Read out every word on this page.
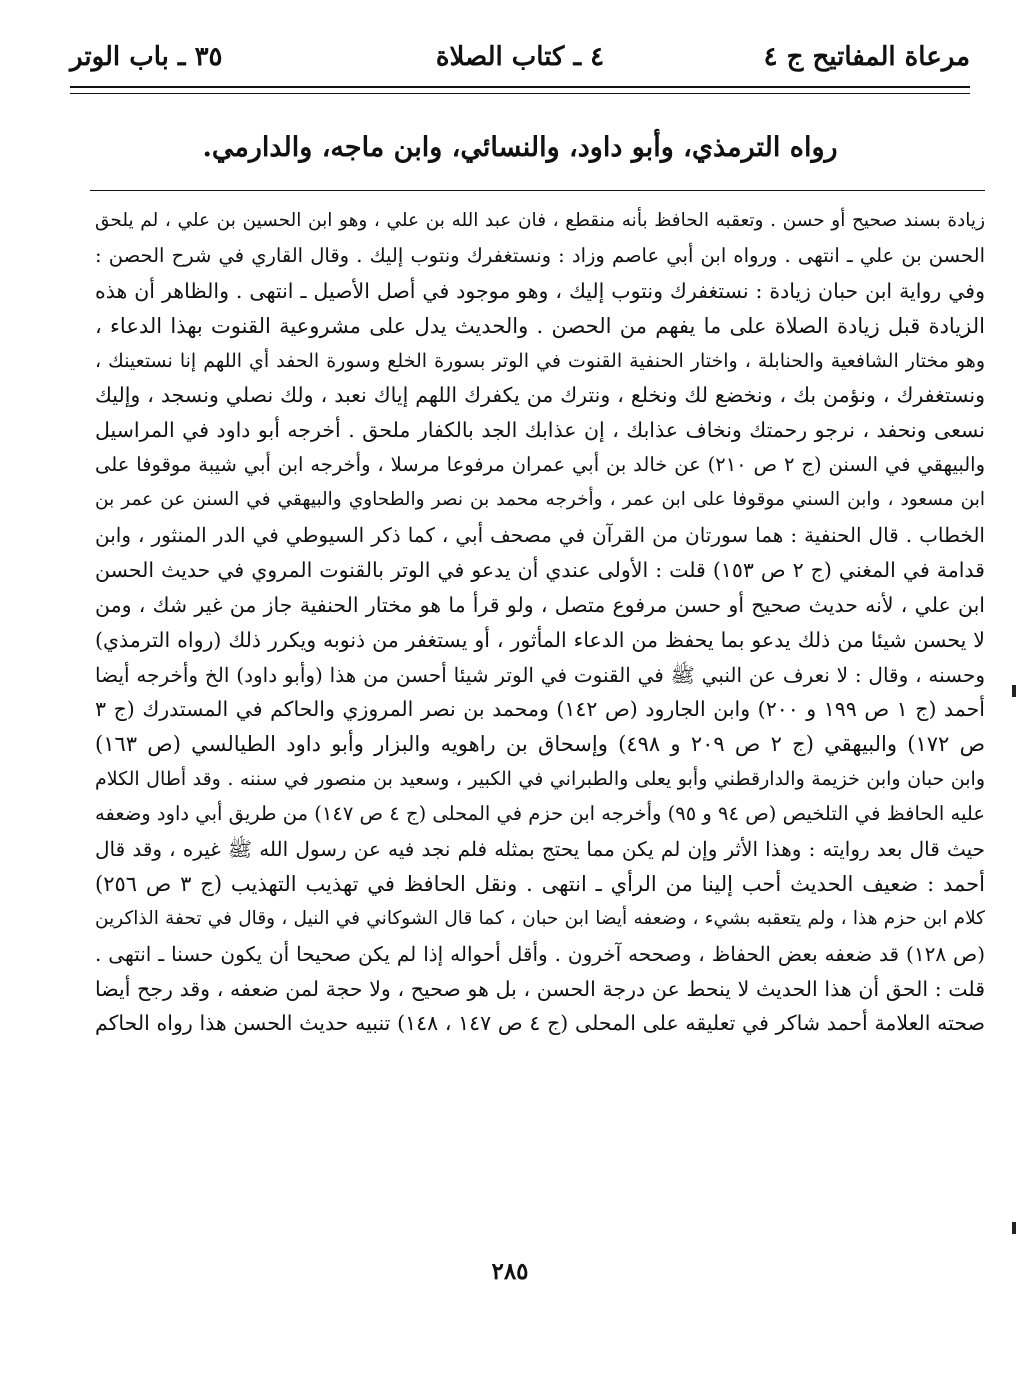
مرعاة المفاتيح ج ٤
٤ ـ كتاب الصلاة
٣٥ ـ باب الوتر
رواه الترمذي، وأبو داود، والنسائي، وابن ماجه، والدارمي.
زيادة بسند صحيح أو حسن . وتعقبه الحافظ بأنه منقطع ، فان عبد الله بن علي ، وهو ابن الحسين بن علي ، لم يلحق
الحسن بن علي ـ انتهى . ورواه ابن أبي عاصم وزاد : ونستغفرك ونتوب إليك . وقال القاري في شرح الحصن :
وفي رواية ابن حبان زيادة : نستغفرك ونتوب إليك ، وهو موجود في أصل الأصيل ـ انتهى . والظاهر أن هذه
الزيادة قبل زيادة الصلاة على ما يفهم من الحصن . والحديث يدل على مشروعية القنوت بهذا الدعاء ،
وهو مختار الشافعية والحنابلة ، واختار الحنفية القنوت في الوتر بسورة الخلع وسورة الحفد أي اللهم إنا نستعينك ،
ونستغفرك ، ونؤمن بك ، ونخضع لك ونخلع ، ونترك من يكفرك اللهم إياك نعبد ، ولك نصلي ونسجد ، وإليك
نسعى ونحفد ، نرجو رحمتك ونخاف عذابك ، إن عذابك الجد بالكفار ملحق . أخرجه أبو داود في المراسيل
والبيهقي في السنن (ج ٢ ص ٢١٠) عن خالد بن أبي عمران مرفوعا مرسلا ، وأخرجه ابن أبي شيبة موقوفا على
ابن مسعود ، وابن السني موقوفا على ابن عمر ، وأخرجه محمد بن نصر والطحاوي والبيهقي في السنن عن عمر بن
الخطاب . قال الحنفية : هما سورتان من القرآن في مصحف أبي ، كما ذكر السيوطي في الدر المنثور ، وابن
قدامة في المغني (ج ٢ ص ١٥٣) قلت : الأولى عندي أن يدعو في الوتر بالقنوت المروي في حديث الحسن
ابن علي ، لأنه حديث صحيح أو حسن مرفوع متصل ، ولو قرأ ما هو مختار الحنفية جاز من غير شك ، ومن
لا يحسن شيئا من ذلك يدعو بما يحفظ من الدعاء المأثور ، أو يستغفر من ذنوبه ويكرر ذلك (رواه الترمذي)
وحسنه ، وقال : لا نعرف عن النبي ﷺ في القنوت في الوتر شيئا أحسن من هذا (وأبو داود) الخ وأخرجه أيضا
أحمد (ج ١ ص ١٩٩ و ٢٠٠) وابن الجارود (ص ١٤٢) ومحمد بن نصر المروزي والحاكم في المستدرك (ج ٣
ص ١٧٢) والبيهقي (ج ٢ ص ٢٠٩ و ٤٩٨) وإسحاق بن راهويه والبزار وأبو داود الطيالسي (ص ١٦٣)
وابن حبان وابن خزيمة والدارقطني وأبو يعلى والطبراني في الكبير ، وسعيد بن منصور في سننه . وقد أطال الكلام
عليه الحافظ في التلخيص (ص ٩٤ و ٩٥) وأخرجه ابن حزم في المحلى (ج ٤ ص ١٤٧) من طريق أبي داود وضعفه
حيث قال بعد روايته : وهذا الأثر وإن لم يكن مما يحتج بمثله فلم نجد فيه عن رسول الله ﷺ غيره ، وقد قال
أحمد : ضعيف الحديث أحب إلينا من الرأي ـ انتهى . ونقل الحافظ في تهذيب التهذيب (ج ٣ ص ٢٥٦)
كلام ابن حزم هذا ، ولم يتعقبه بشيء ، وضعفه أيضا ابن حبان ، كما قال الشوكاني في النيل ، وقال في تحفة الذاكرين
(ص ١٢٨) قد ضعفه بعض الحفاظ ، وصححه آخرون . وأقل أحواله إذا لم يكن صحيحا أن يكون حسنا ـ انتهى .
قلت : الحق أن هذا الحديث لا ينحط عن درجة الحسن ، بل هو صحيح ، ولا حجة لمن ضعفه ، وقد رجح أيضا
صحته العلامة أحمد شاكر في تعليقه على المحلى (ج ٤ ص ١٤٧ ، ١٤٨) تنبيه حديث الحسن هذا رواه الحاكم
٢٨٥
